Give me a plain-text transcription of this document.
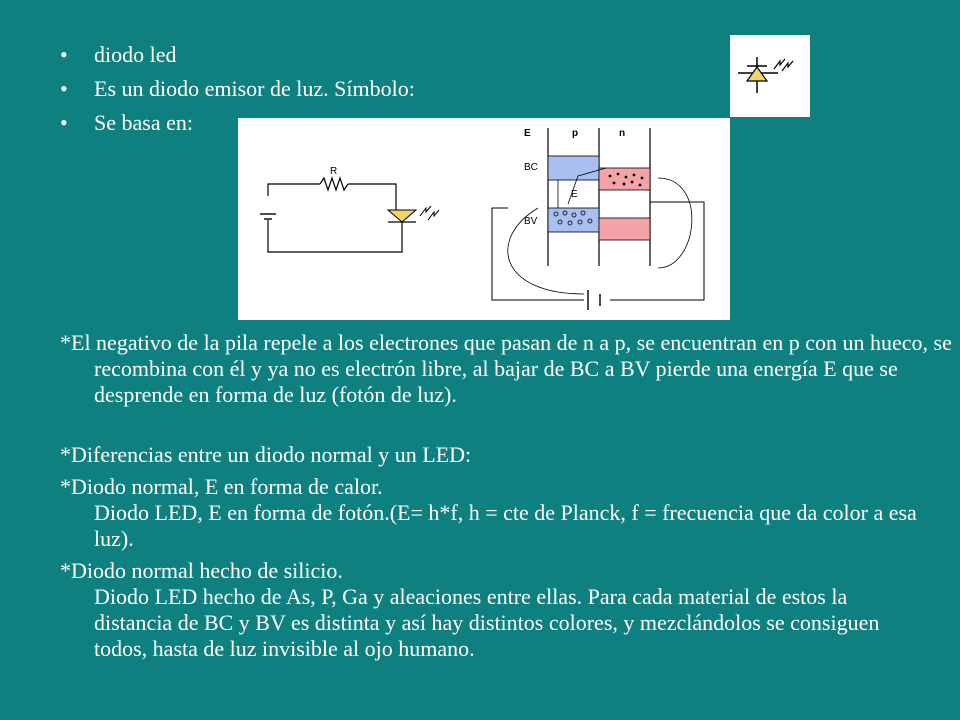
• diodo led
• Es un diodo emisor de luz. Símbolo:
• Se basa en:
R
E	p	n
BC
BV
E

*El negativo de la pila repele a los electrones que pasan de n a p, se encuentran en p con un hueco, se recombina con él y ya no es electrón libre, al bajar de BC a BV pierde una energía E que se desprende en forma de luz (fotón de luz).

*Diferencias entre un diodo normal y un LED:

*Diodo normal, E en forma de calor.
Diodo LED, E en forma de fotón.(E= h*f, h = cte de Planck, f = frecuencia que da color a esa luz).
*Diodo normal hecho de silicio.
Diodo LED hecho de As, P, Ga y aleaciones entre ellas. Para cada material de estos la distancia de BC y BV es distinta y así hay distintos colores, y mezclándolos se consiguen todos, hasta de luz invisible al ojo humano.
